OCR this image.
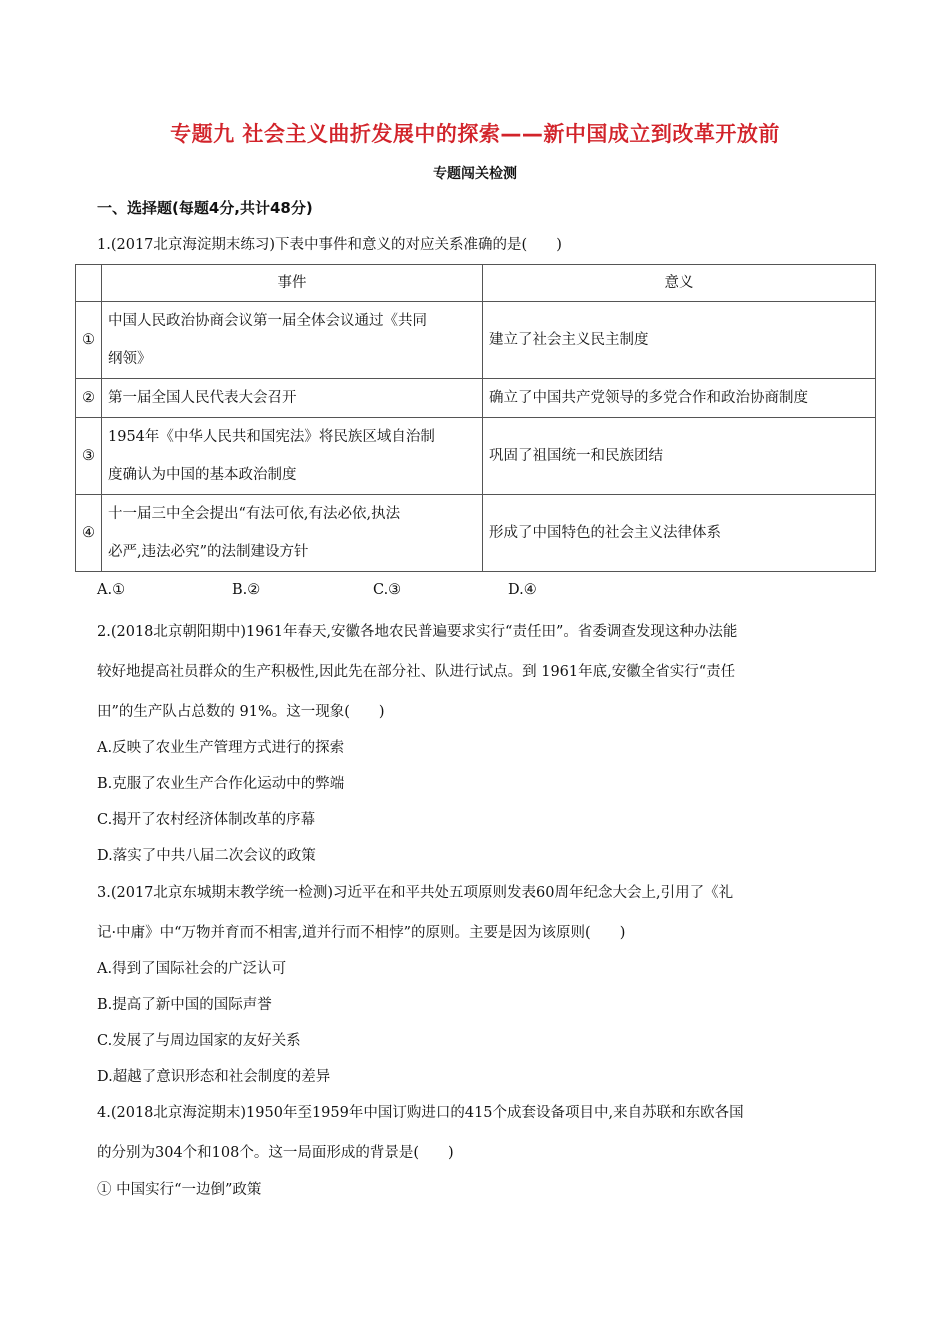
专题九 社会主义曲折发展中的探索——新中国成立到改革开放前
专题闯关检测
一、选择题(每题4分,共计48分)
1.(2017北京海淀期末练习)下表中事件和意义的对应关系准确的是(　　)
	事件	意义
①	中国人民政治协商会议第一届全体会议通过《共同
纲领》	建立了社会主义民主制度
②	第一届全国人民代表大会召开	确立了中国共产党领导的多党合作和政治协商制度
③	1954年《中华人民共和国宪法》将民族区域自治制
度确认为中国的基本政治制度	巩固了祖国统一和民族团结
④	十一届三中全会提出“有法可依,有法必依,执法
必严,违法必究”的法制建设方针	形成了中国特色的社会主义法律体系
A.①	B.②	C.③	D.④
2.(2018北京朝阳期中)1961年春天,安徽各地农民普遍要求实行“责任田”。省委调查发现这种办法能
较好地提高社员群众的生产积极性,因此先在部分社、队进行试点。到 1961年底,安徽全省实行“责任
田”的生产队占总数的 91%。这一现象(　　)
A.反映了农业生产管理方式进行的探索
B.克服了农业生产合作化运动中的弊端
C.揭开了农村经济体制改革的序幕
D.落实了中共八届二次会议的政策
3.(2017北京东城期末教学统一检测)习近平在和平共处五项原则发表60周年纪念大会上,引用了《礼
记·中庸》中“万物并育而不相害,道并行而不相悖”的原则。主要是因为该原则(　　)
A.得到了国际社会的广泛认可
B.提高了新中国的国际声誉
C.发展了与周边国家的友好关系
D.超越了意识形态和社会制度的差异
4.(2018北京海淀期末)1950年至1959年中国订购进口的415个成套设备项目中,来自苏联和东欧各国
的分别为304个和108个。这一局面形成的背景是(　　)
① 中国实行“一边倒”政策
